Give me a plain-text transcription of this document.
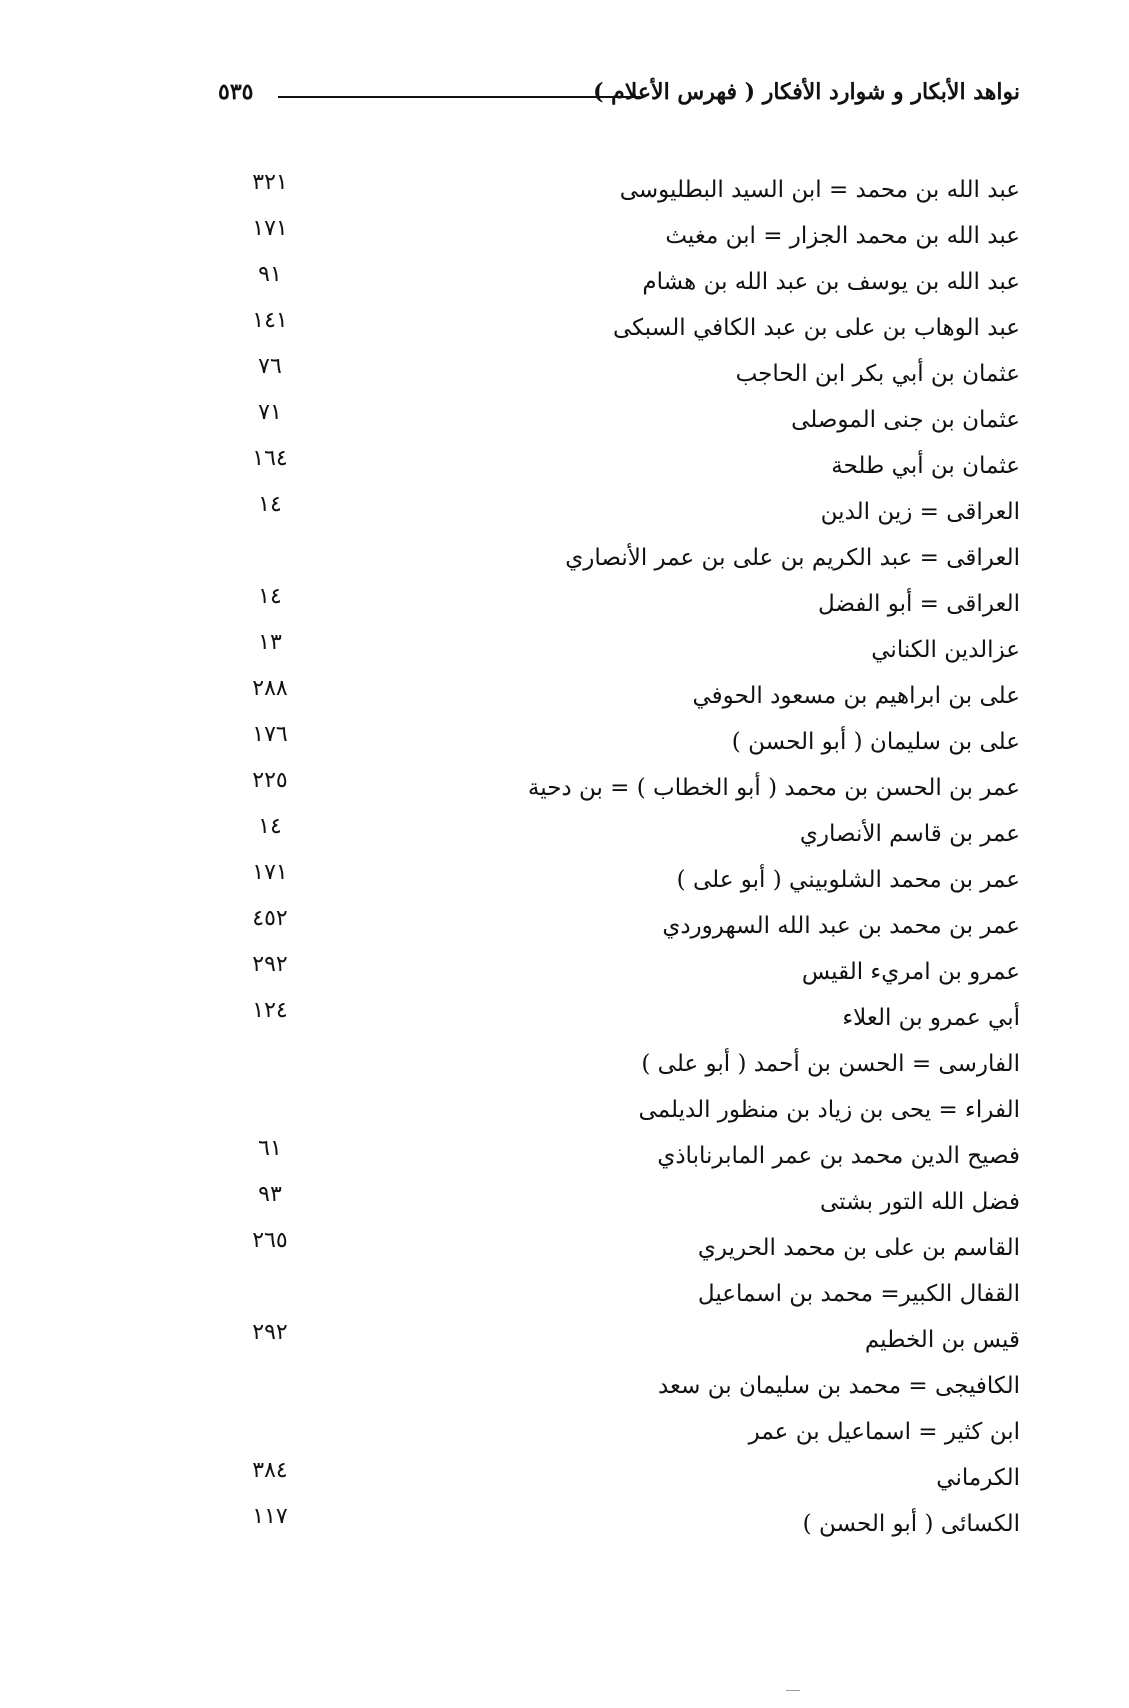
نواهد الأبكار و شوارد الأفكار ( فهرس الأعلام )
٥٣٥
عبد الله بن محمد = ابن السيد البطليوسى
٣٢١
عبد الله بن محمد الجزار = ابن مغيث
١٧١
عبد الله بن يوسف بن عبد الله بن هشام
٩١
عبد الوهاب بن على بن عبد الكافي السبكى
١٤١
عثمان بن أبي بكر ابن الحاجب
٧٦
عثمان بن جنى الموصلى
٧١
عثمان بن أبي طلحة
١٦٤
العراقى = زين الدين
١٤
العراقى = عبد الكريم بن على بن عمر الأنصاري
العراقى = أبو الفضل
١٤
عزالدين الكناني
١٣
على بن ابراهيم بن مسعود الحوفي
٢٨٨
على بن سليمان ( أبو الحسن )
١٧٦
عمر بن الحسن بن محمد ( أبو الخطاب ) = بن دحية
٢٢٥
عمر بن قاسم الأنصاري
١٤
عمر بن محمد الشلوبيني ( أبو على )
١٧١
عمر بن محمد بن عبد الله السهروردي
٤٥٢
عمرو بن امريء القيس
٢٩٢
أبي عمرو بن العلاء
١٢٤
الفارسى = الحسن بن أحمد ( أبو على )
الفراء = يحى بن زياد بن منظور الديلمى
فصيح الدين محمد بن عمر المابرناباذي
٦١
فضل الله التور بشتى
٩٣
القاسم بن على بن محمد الحريري
٢٦٥
القفال الكبير= محمد بن اسماعيل
قيس بن الخطيم
٢٩٢
الكافيجى = محمد بن سليمان بن سعد
ابن كثير = اسماعيل بن عمر
الكرماني
٣٨٤
الكسائى ( أبو الحسن )
١١٧
